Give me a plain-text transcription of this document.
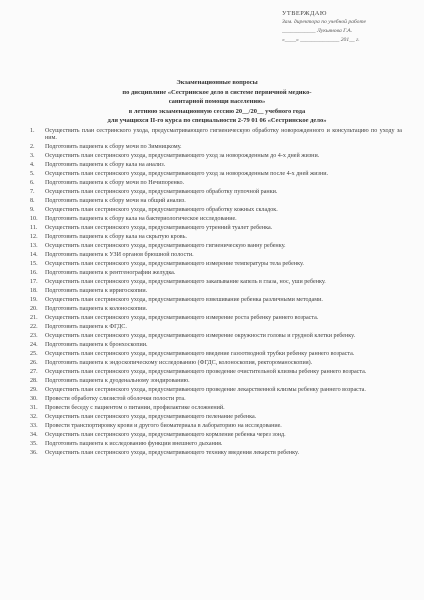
УТВЕРЖДАЮ
Зам. директора по учебной работе
____________ Лукьянова Г.А.
«____» ______________ 201__ г.
Экзаменационные вопросы
по дисциплине «Сестринское дело в системе первичной медико-
санитарной помощи населению»
в летнюю экзаменационную сессию 20__/20__ учебного года
для учащихся II-го курса по специальности 2-79 01 06 «Сестринское дело»
1.	Осуществить план сестринского ухода, предусматривающего гигиеническую обработку новорожденного и консультацию по уходу за ним.
2.	Подготовить пациента к сбору мочи по Зимницкому.
3.	Осуществить план сестринского ухода, предусматривающего уход за новорожденным до 4-х дней жизни.
4.	Подготовить пациента к сбору кала на анализ.
5.	Осуществить план сестринского ухода, предусматривающего уход за новорожденным после 4-х дней жизни.
6.	Подготовить пациента к сбору мочи по Нечипоренко.
7.	Осуществить план сестринского ухода, предусматривающего обработку пупочной ранки.
8.	Подготовить пациента к сбору мочи на общий анализ.
9.	Осуществить план сестринского ухода, предусматривающего обработку кожных складок.
10.	Подготовить пациента к сбору кала на бактериологическое исследование.
11.	Осуществить план сестринского ухода, предусматривающего утренний туалет ребенка.
12.	Подготовить пациента к сбору кала на скрытую кровь.
13.	Осуществить план сестринского ухода, предусматривающего гигиеническую ванну ребенку.
14.	Подготовить пациента к УЗИ органов брюшной полости.
15.	Осуществить план сестринского ухода, предусматривающего измерение температуры тела ребенку.
16.	Подготовить пациента к рентгенографии желудка.
17.	Осуществить план сестринского ухода, предусматривающего закапывание капель в глаза, нос, уши ребенку.
18.	Подготовить пациента к ирригоскопии.
19.	Осуществить план сестринского ухода, предусматривающего взвешивание ребенка различными методами.
20.	Подготовить пациента к колоноскопии.
21.	Осуществить план сестринского ухода, предусматривающего измерение роста ребенку раннего возраста.
22.	Подготовить пациента к ФГДС.
23.	Осуществить план сестринского ухода, предусматривающего измерение окружности головы и грудной клетки ребенку.
24.	Подготовить пациента к бронхоскопии.
25.	Осуществить план сестринского ухода, предусматривающего введение газоотводной трубки ребенку раннего возраста.
26.	Подготовить пациента к эндоскопическому исследованию (ФГДС, колоноскопия, ректороманоскопия).
27.	Осуществить план сестринского ухода, предусматривающего проведение очистительной клизмы ребенку раннего возраста.
28.	Подготовить пациента к дуоденальному зондированию.
29.	Осуществить план сестринского ухода, предусматривающего проведение лекарственной клизмы ребенку раннего возраста.
30.	Провести обработку слизистой оболочки полости рта.
31.	Провести беседу с пациентом о питании, профилактике осложнений.
32.	Осуществить план сестринского ухода, предусматривающего пеленание ребенка.
33.	Провести транспортировку крови и другого биоматериала в лабораторию на исследование.
34.	Осуществить план сестринского ухода, предусматривающего кормление ребенка через зонд.
35.	Подготовить пациента к исследованию функции внешнего дыхания.
36.	Осуществить план сестринского ухода, предусматривающего технику введения лекарств ребенку.
